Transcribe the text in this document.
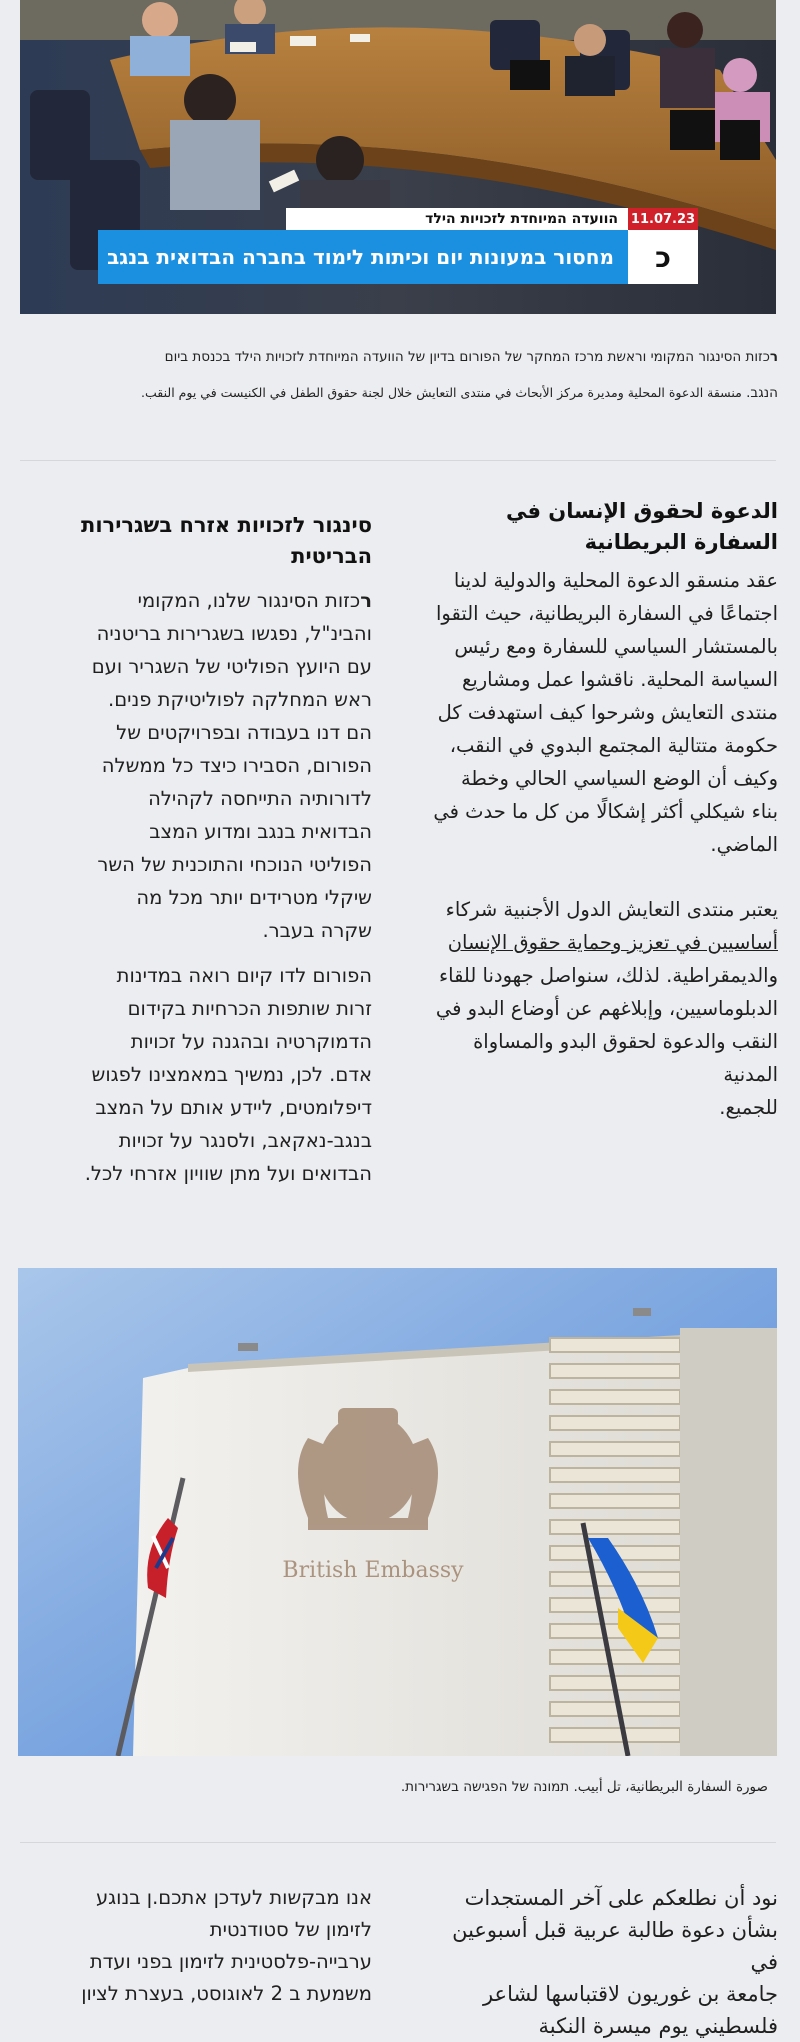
11.07.23
הוועדה המיוחדת לזכויות הילד
כ
מחסור במעונות יום וכיתות לימוד בחברה הבדואית בנגב
רכזות הסינגור המקומי וראשת מרכז המחקר של הפורום בדיון של הוועדה המיוחדת לזכויות הילד בכנסת ביום
הנגב. منسقة الدعوة المحلية ومديرة مركز الأبحاث في منتدى التعايش خلال لجنة حقوق الطفل في الكنيست في يوم النقب.
الدعوة لحقوق الإنسان في السفارة البريطانية

عقد منسقو الدعوة المحلية والدولية لدينا
اجتماعًا في السفارة البريطانية، حيث التقوا
بالمستشار السياسي للسفارة ومع رئيس
السياسة المحلية. ناقشوا عمل ومشاريع
منتدى التعايش وشرحوا كيف استهدفت كل
حكومة متتالية المجتمع البدوي في النقب،
وكيف أن الوضع السياسي الحالي وخطة
بناء شيكلي أكثر إشكالًا من كل ما حدث في
الماضي.

يعتبر منتدى التعايش الدول الأجنبية شركاء
أساسيين في تعزيز وحماية حقوق الإنسان
والديمقراطية. لذلك، سنواصل جهودنا للقاء
الدبلوماسيين، وإبلاغهم عن أوضاع البدو في
النقب والدعوة لحقوق البدو والمساواة المدنية
للجميع.

סינגור לזכויות אזרח בשגרירות הבריטית

רכזות הסינגור שלנו, המקומי
והבינ"ל, נפגשו בשגרירות בריטניה
עם היועץ הפוליטי של השגריר ועם
ראש המחלקה לפוליטיקת פנים.
הם דנו בעבודה ובפרויקטים של
הפורום, הסבירו כיצד כל ממשלה
לדורותיה התייחסה לקהילה
הבדואית בנגב ומדוע המצב
הפוליטי הנוכחי והתוכנית של השר
שיקלי מטרידים יותר מכל מה
שקרה בעבר.

הפורום לדו קיום רואה במדינות
זרות שותפות הכרחיות בקידום
הדמוקרטיה ובהגנה על זכויות
אדם. לכן, נמשיך במאמצינו לפגוש
דיפלומטים, ליידע אותם על המצב
בנגב-נאקאב, ולסנגר על זכויות
הבדואים ועל מתן שוויון אזרחי לכל.

British Embassy
صورة السفارة البريطانية، تل أبيب. תמונה של הפגישה בשגרירות.

نود أن نطلعكم على آخر المستجدات
بشأن دعوة طالبة عربية قبل أسبوعين في
جامعة بن غوريون لاقتباسها لشاعر
فلسطيني يوم ميسرة النكبة

אנו מבקשות לעדכן אתכם.ן בנוגע
לזימון של סטודנטית
ערבייה-פלסטינית לזימון בפני ועדת
משמעת ב 2 לאוגוסט, בעצרת לציון
